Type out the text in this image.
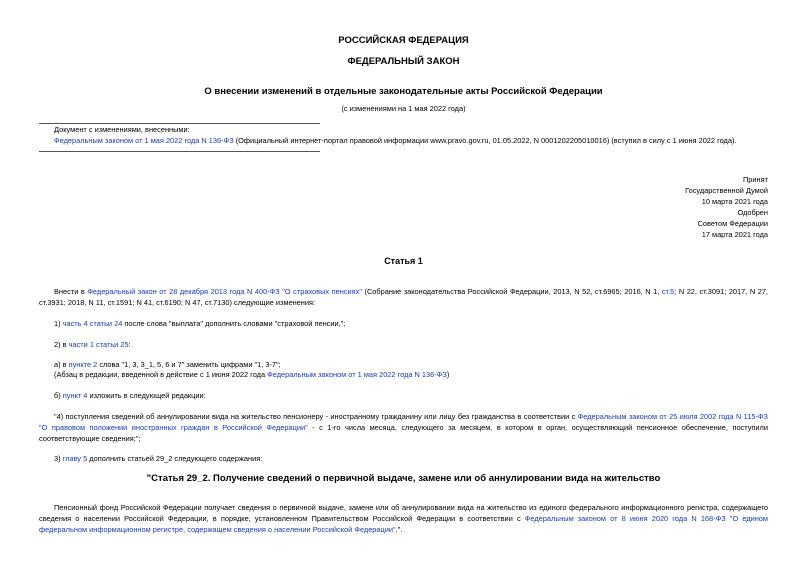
РОССИЙСКАЯ ФЕДЕРАЦИЯ
ФЕДЕРАЛЬНЫЙ ЗАКОН
О внесении изменений в отдельные законодательные акты Российской Федерации
(с изменениями на 1 мая 2022 года)
Документ с изменениями, внесенными:
Федеральным законом от 1 мая 2022 года N 136-ФЗ (Официальный интернет-портал правовой информации www.pravo.gov.ru, 01.05.2022, N 0001202205010016) (вступил в силу с 1 июня 2022 года).
Принят
Государственной Думой
10 марта 2021 года
Одобрен
Советом Федерации
17 марта 2021 года
Статья 1
Внести в Федеральный закон от 28 декабря 2013 года N 400-ФЗ "О страховых пенсиях" (Собрание законодательства Российской Федерации, 2013, N 52, ст.6965; 2016, N 1, ст.5; N 22, ст.3091; 2017, N 27, ст.3931; 2018, N 11, ст.1591; N 41, ст.6190; N 47, ст.7130) следующие изменения:
1) часть 4 статьи 24 после слова "выплата" дополнить словами "страховой пенсии,";
2) в части 1 статьи 25:
а) в пункте 2 слова "1, 3, 3_1, 5, 6 и 7" заменить цифрами "1, 3-7";
(Абзац в редакции, введенной в действие с 1 июня 2022 года Федеральным законом от 1 мая 2022 года N 136-ФЗ)
б) пункт 4 изложить в следующей редакции:
"4) поступления сведений об аннулировании вида на жительство пенсионеру - иностранному гражданину или лицу без гражданства в соответствии с Федеральным законом от 25 июля 2002 года N 115-ФЗ "О правовом положении иностранных граждан в Российской Федерации" - с 1-го числа месяца, следующего за месяцем, в котором в орган, осуществляющий пенсионное обеспечение, поступили соответствующие сведения;";
3) главу 5 дополнить статьей 29_2 следующего содержания:
"Статья 29_2. Получение сведений о первичной выдаче, замене или об аннулировании вида на жительство
Пенсионный фонд Российской Федерации получает сведения о первичной выдаче, замене или об аннулировании вида на жительство из единого федерального информационного регистра, содержащего сведения о населении Российской Федерации, в порядке, установленном Правительством Российской Федерации в соответствии с Федеральным законом от 8 июня 2020 года N 168-ФЗ "О едином федеральном информационном регистре, содержащем сведения о населении Российской Федерации".".
